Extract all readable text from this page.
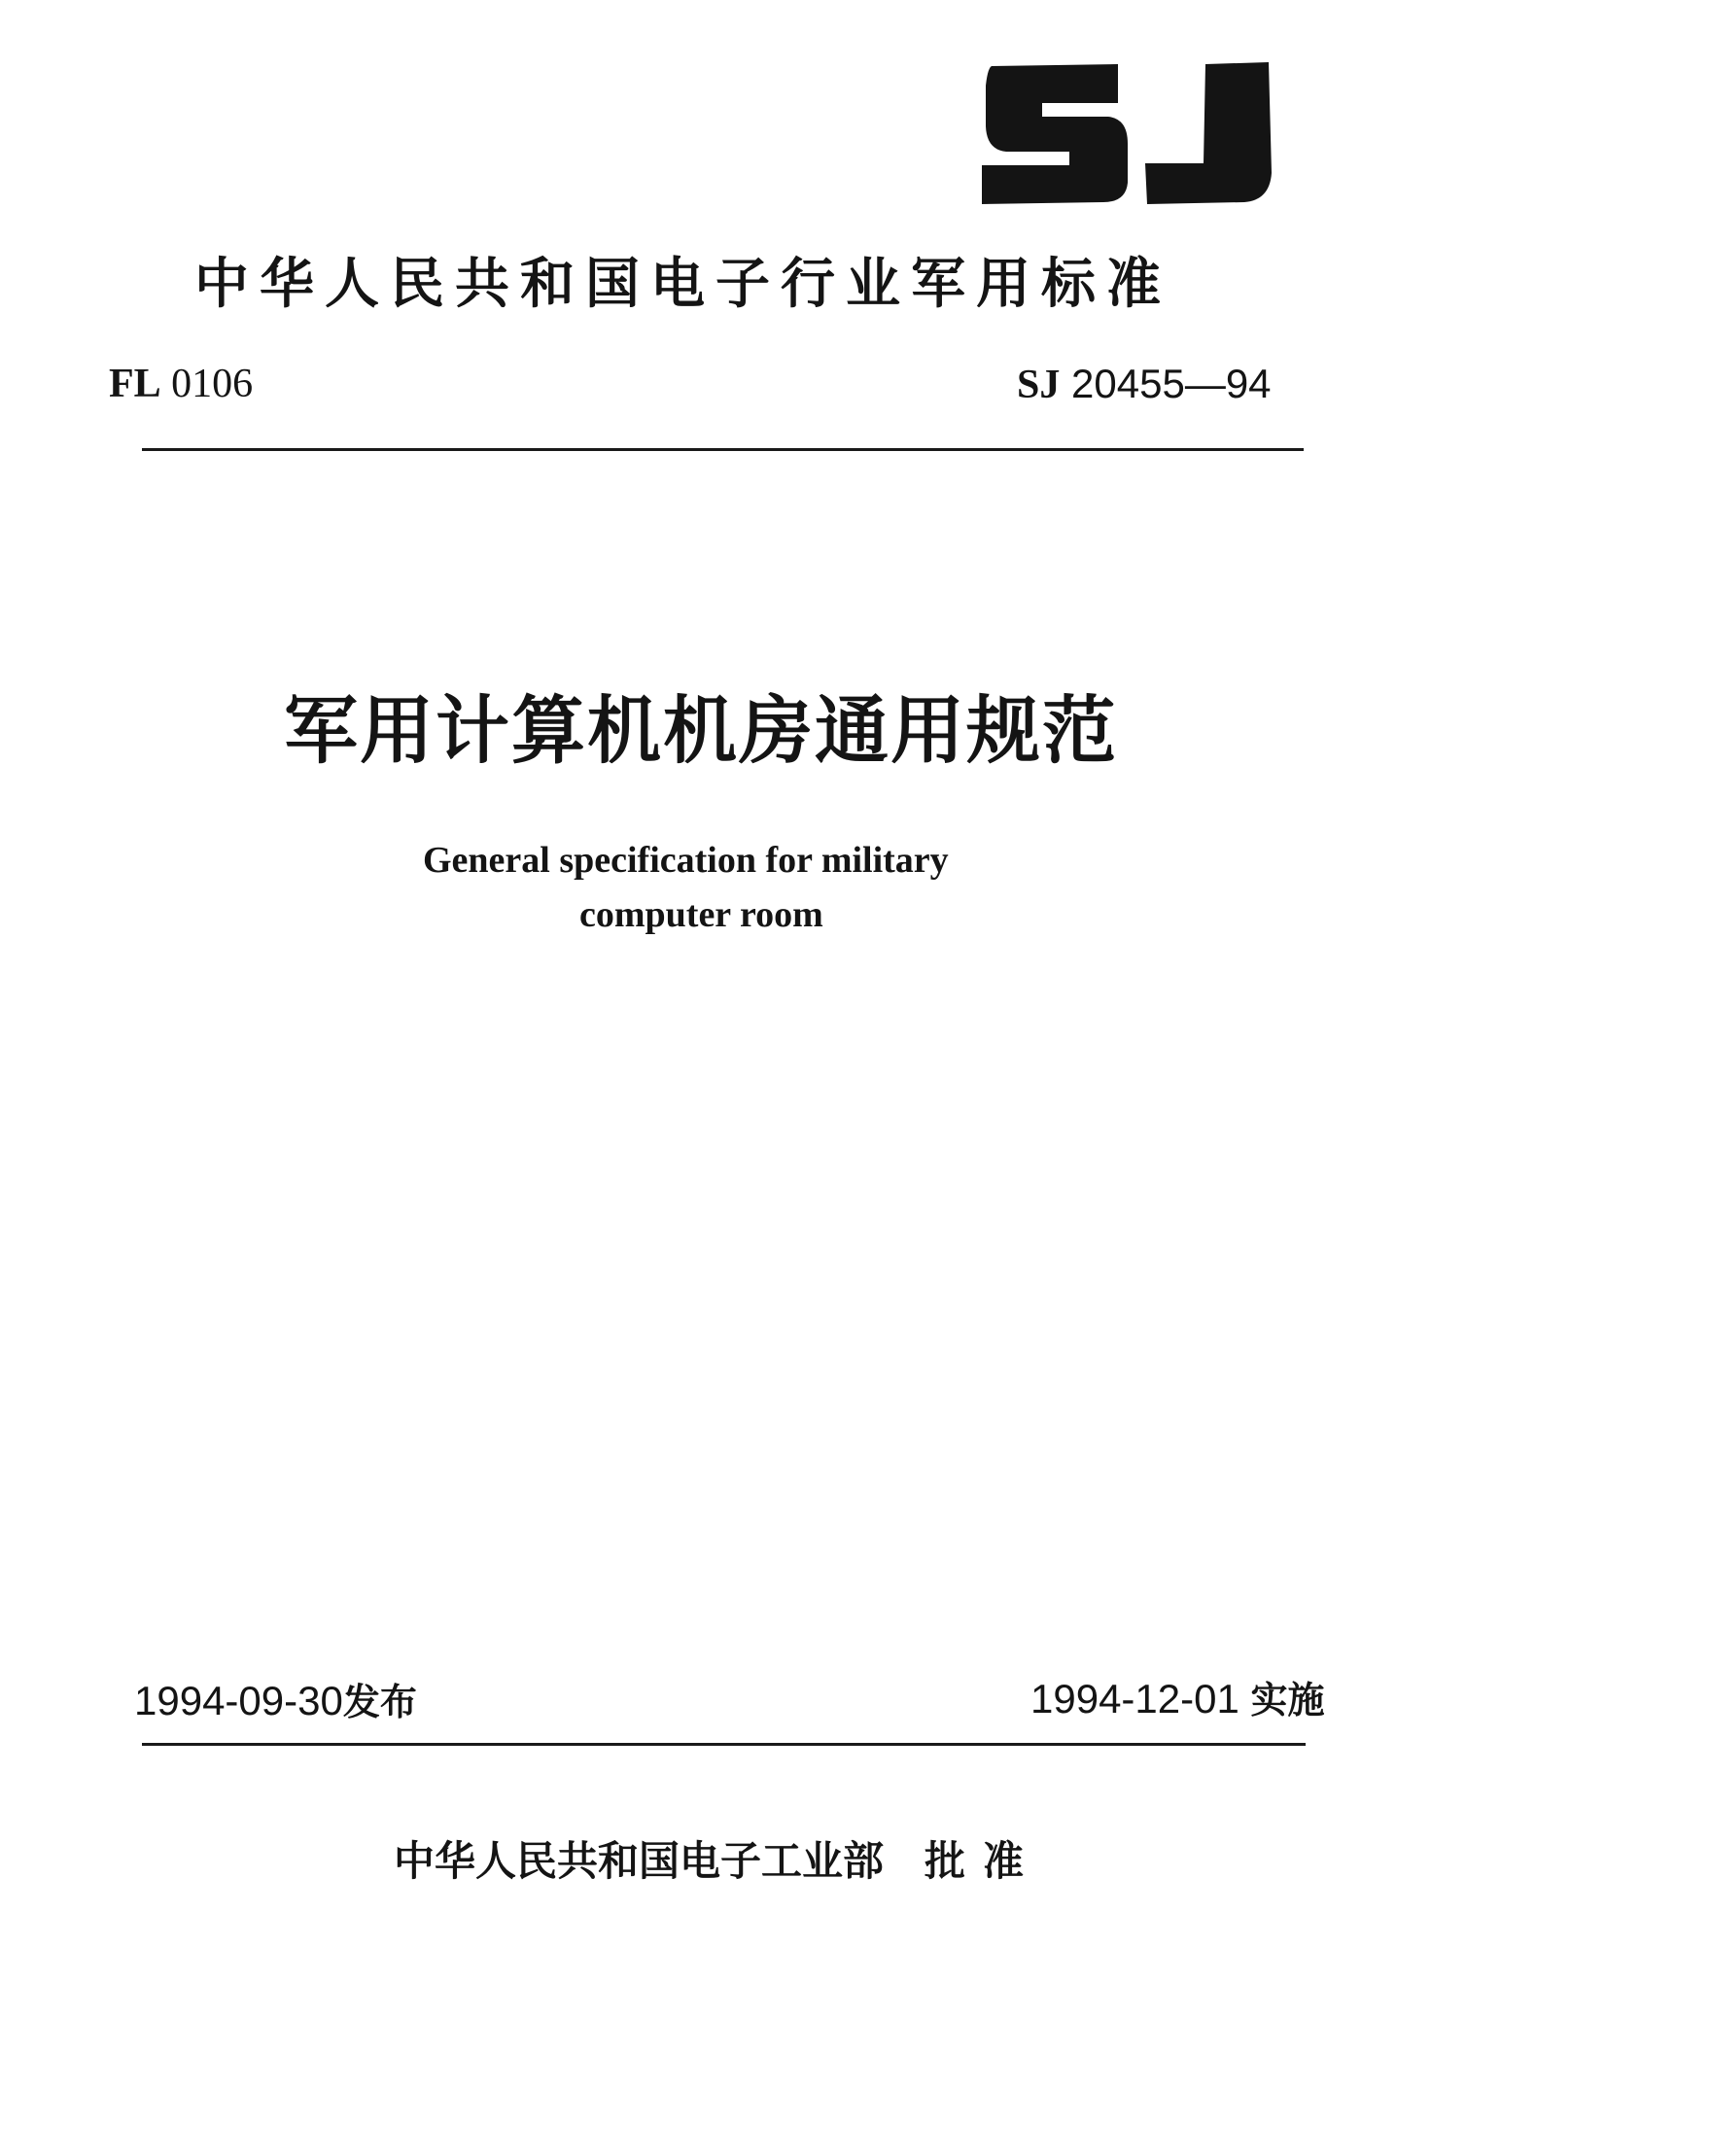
中华人民共和国电子行业军用标准
FL 0106	SJ 20455—94
军用计算机机房通用规范
General specification for military
computer room
1994-09-30发布	1994-12-01 实施
中华人民共和国电子工业部 批准
